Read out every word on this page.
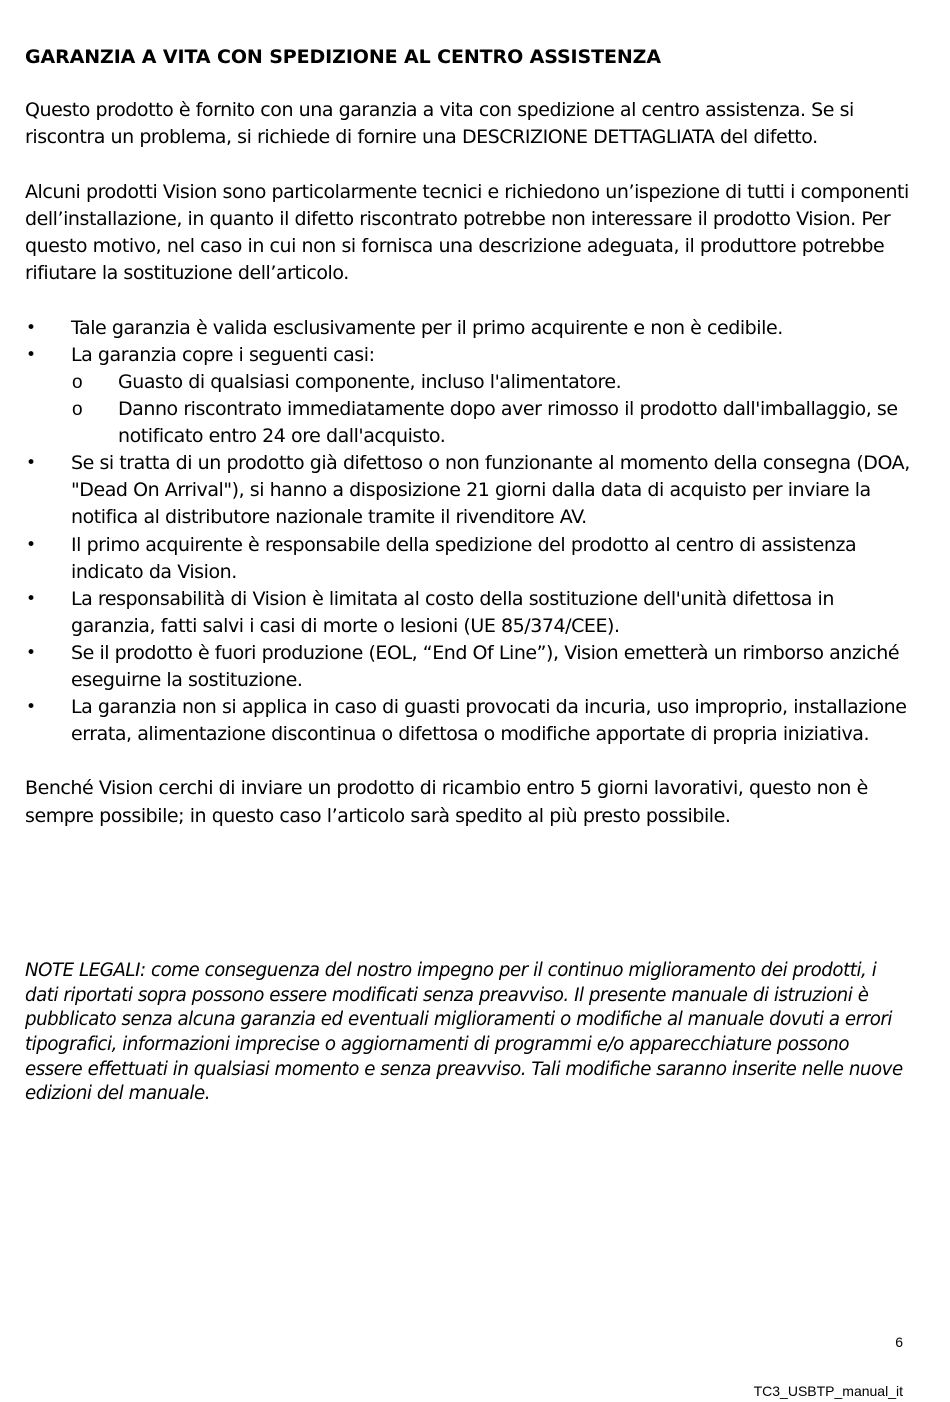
GARANZIA A VITA CON SPEDIZIONE AL CENTRO ASSISTENZA

Questo prodotto è fornito con una garanzia a vita con spedizione al centro assistenza. Se si riscontra un problema, si richiede di fornire una DESCRIZIONE DETTAGLIATA del difetto.

Alcuni prodotti Vision sono particolarmente tecnici e richiedono un’ispezione di tutti i componenti dell’installazione, in quanto il difetto riscontrato potrebbe non interessare il prodotto Vision. Per questo motivo, nel caso in cui non si fornisca una descrizione adeguata, il produttore potrebbe rifiutare la sostituzione dell’articolo.

• Tale garanzia è valida esclusivamente per il primo acquirente e non è cedibile.
• La garanzia copre i seguenti casi:
o Guasto di qualsiasi componente, incluso l'alimentatore.
o Danno riscontrato immediatamente dopo aver rimosso il prodotto dall'imballaggio, se notificato entro 24 ore dall'acquisto.
• Se si tratta di un prodotto già difettoso o non funzionante al momento della consegna (DOA, "Dead On Arrival"), si hanno a disposizione 21 giorni dalla data di acquisto per inviare la notifica al distributore nazionale tramite il rivenditore AV.
• Il primo acquirente è responsabile della spedizione del prodotto al centro di assistenza indicato da Vision.
• La responsabilità di Vision è limitata al costo della sostituzione dell'unità difettosa in garanzia, fatti salvi i casi di morte o lesioni (UE 85/374/CEE).
• Se il prodotto è fuori produzione (EOL, “End Of Line”), Vision emetterà un rimborso anziché eseguirne la sostituzione.
• La garanzia non si applica in caso di guasti provocati da incuria, uso improprio, installazione errata, alimentazione discontinua o difettosa o modifiche apportate di propria iniziativa.

Benché Vision cerchi di inviare un prodotto di ricambio entro 5 giorni lavorativi, questo non è sempre possibile; in questo caso l’articolo sarà spedito al più presto possibile.

NOTE LEGALI: come conseguenza del nostro impegno per il continuo miglioramento dei prodotti, i dati riportati sopra possono essere modificati senza preavviso. Il presente manuale di istruzioni è pubblicato senza alcuna garanzia ed eventuali miglioramenti o modifiche al manuale dovuti a errori tipografici, informazioni imprecise o aggiornamenti di programmi e/o apparecchiature possono essere effettuati in qualsiasi momento e senza preavviso. Tali modifiche saranno inserite nelle nuove edizioni del manuale.

6
TC3_USBTP_manual_it
